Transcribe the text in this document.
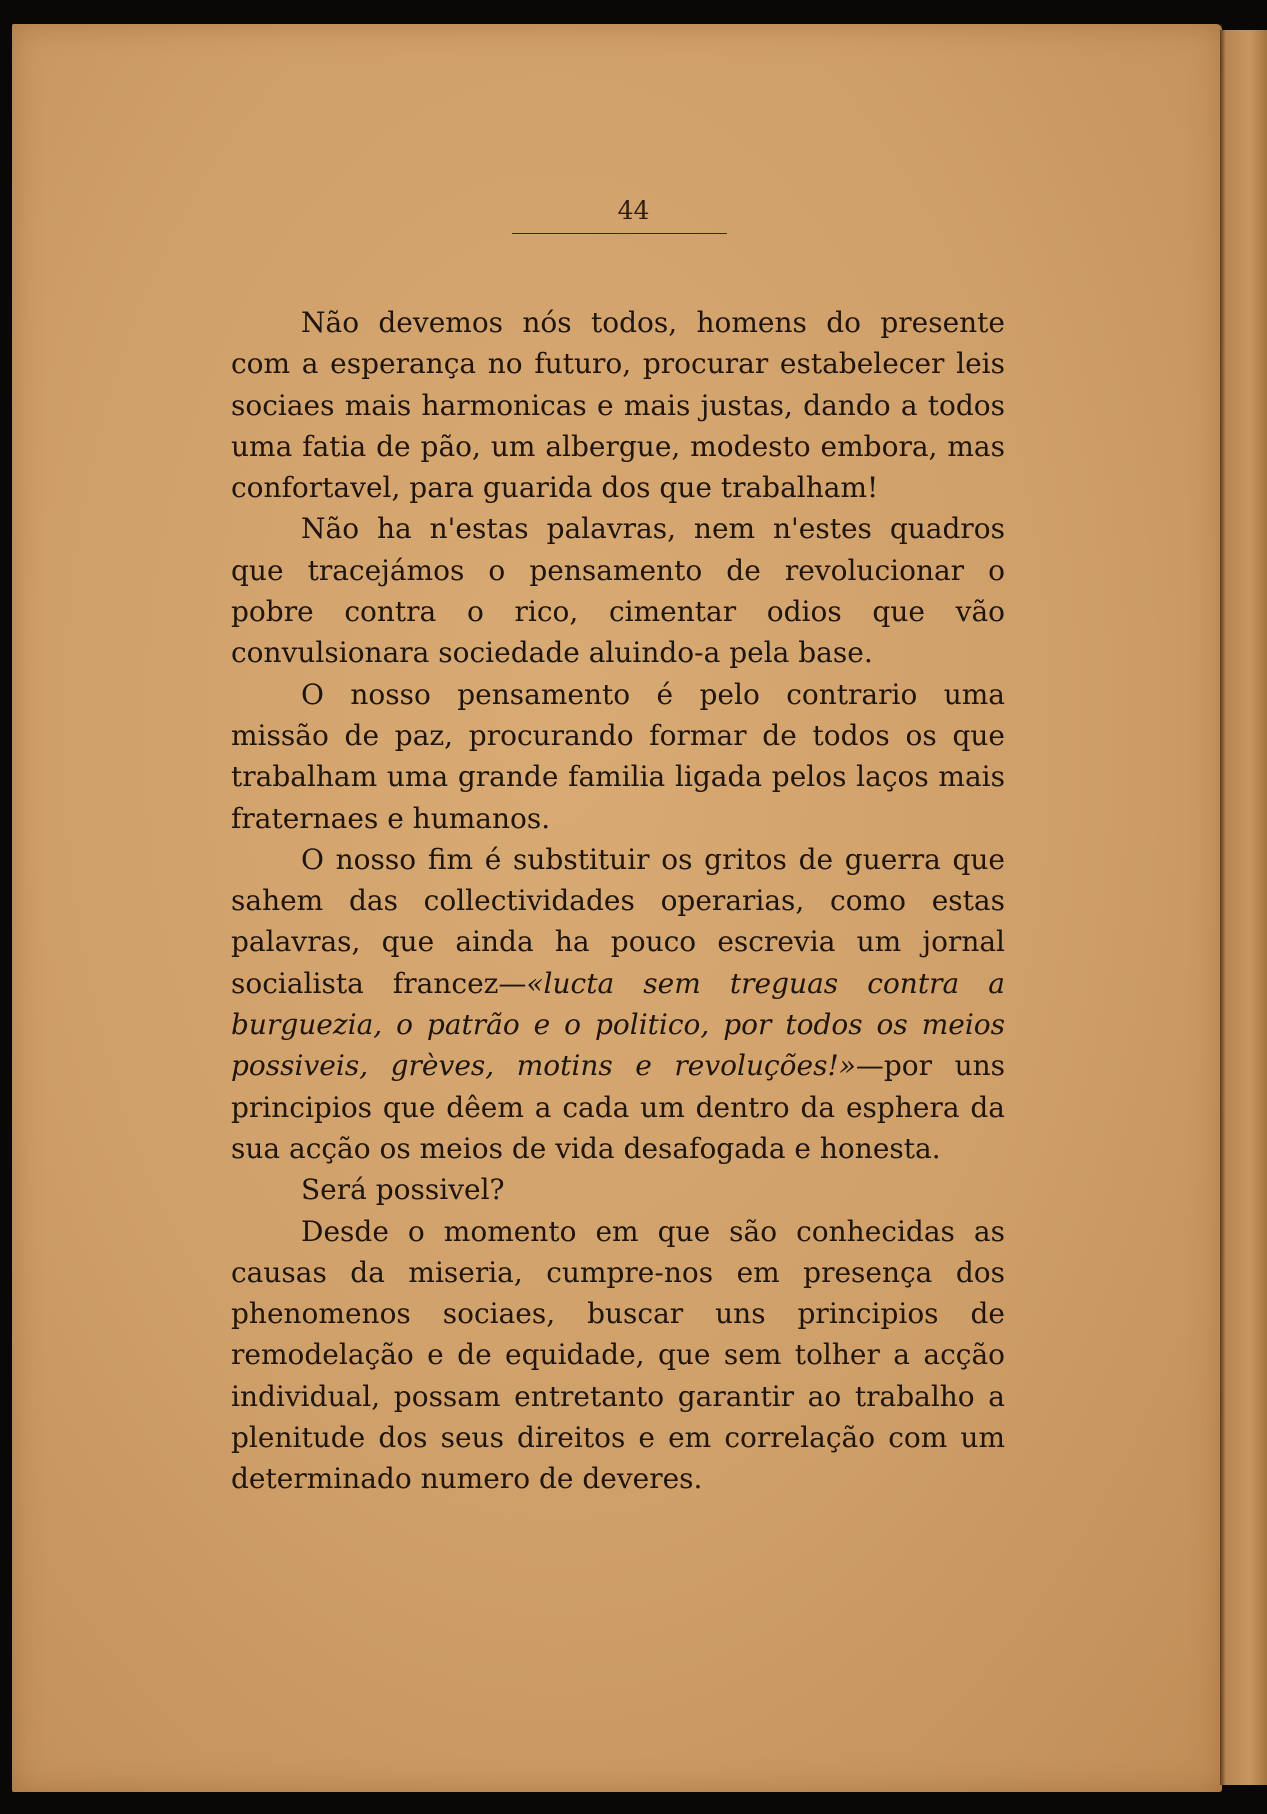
44

Não devemos nós todos, homens do presente com a esperança no futuro, procurar estabelecer leis sociaes mais harmonicas e mais justas, dando a todos uma fatia de pão, um albergue, modesto embora, mas confortavel, para guarida dos que trabalham!

Não ha n'estas palavras, nem n'estes quadros que tracejámos o pensamento de revolucionar o pobre contra o rico, cimentar odios que vão convulsionara sociedade aluindo-a pela base.

O nosso pensamento é pelo contrario uma missão de paz, procurando formar de todos os que trabalham uma grande familia ligada pelos laços mais fraternaes e humanos.

O nosso fim é substituir os gritos de guerra que sahem das collectividades operarias, como estas palavras, que ainda ha pouco escrevia um jornal socialista francez—«lucta sem treguas contra a burguezia, o patrão e o politico, por todos os meios possiveis, grèves, motins e revoluções!»—por uns principios que dêem a cada um dentro da esphera da sua acção os meios de vida desafogada e honesta.

Será possivel?

Desde o momento em que são conhecidas as causas da miseria, cumpre-nos em presença dos phenomenos sociaes, buscar uns principios de remodelação e de equidade, que sem tolher a acção individual, possam entretanto garantir ao trabalho a plenitude dos seus direitos e em correlação com um determinado numero de deveres.
